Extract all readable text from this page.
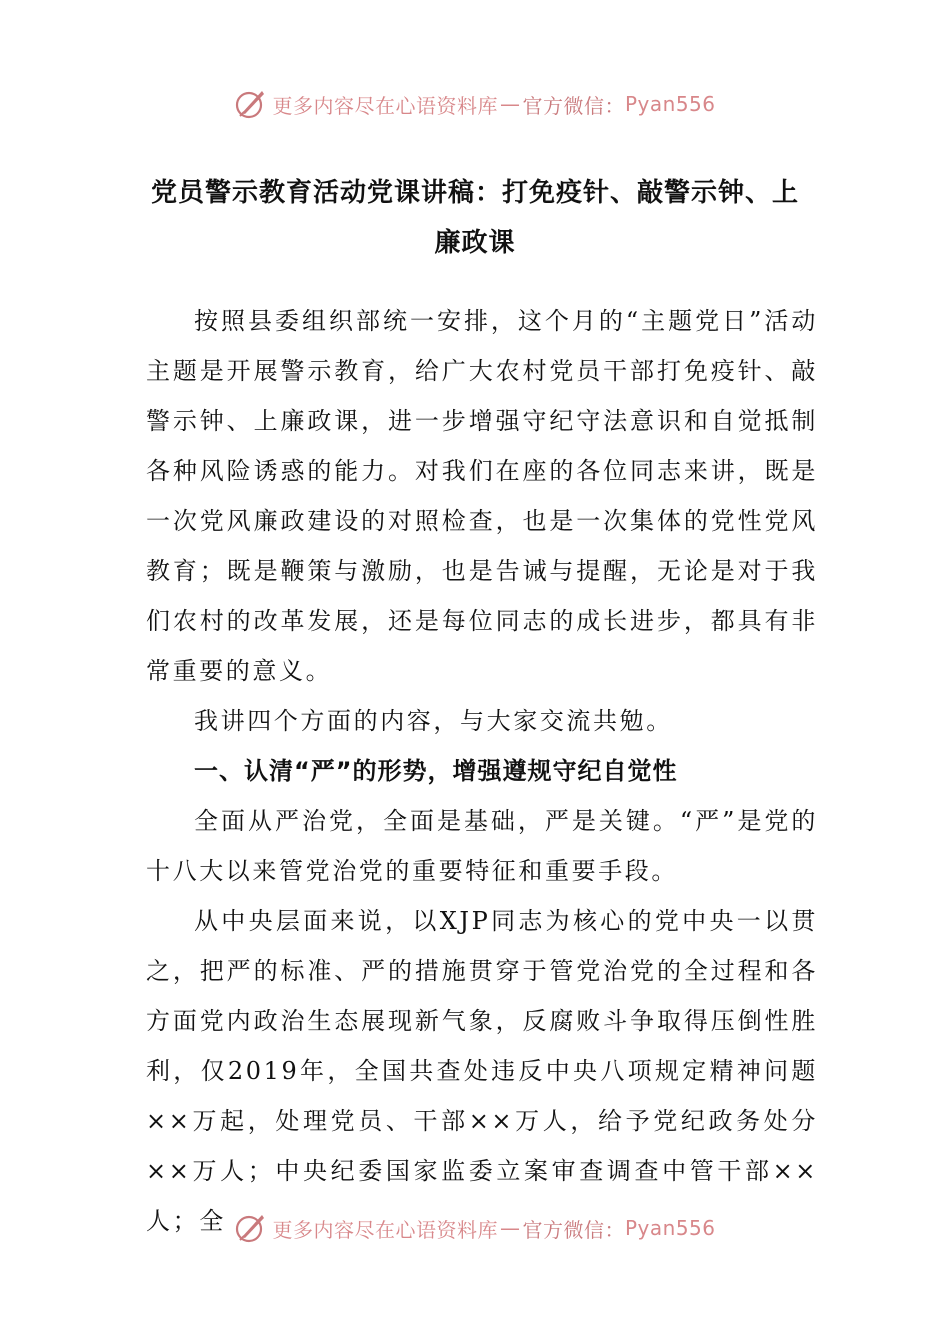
更多内容尽在心语资料库 — 官方微信： Pyan556
党员警示教育活动党课讲稿：打免疫针、敲警示钟、上廉政课

按照县委组织部统一安排，这个月的“主题党日”活动主题是开展警示教育，给广大农村党员干部打免疫针、敲警示钟、上廉政课，进一步增强守纪守法意识和自觉抵制各种风险诱惑的能力。对我们在座的各位同志来讲，既是一次党风廉政建设的对照检查，也是一次集体的党性党风教育；既是鞭策与激励，也是告诫与提醒，无论是对于我们农村的改革发展，还是每位同志的成长进步，都具有非常重要的意义。

我讲四个方面的内容，与大家交流共勉。

一、认清“严”的形势，增强遵规守纪自觉性

全面从严治党，全面是基础，严是关键。“严”是党的十八大以来管党治党的重要特征和重要手段。

从中央层面来说，以XJP同志为核心的党中央一以贯之，把严的标准、严的措施贯穿于管党治党的全过程和各方面党内政治生态展现新气象，反腐败斗争取得压倒性胜利，仅2019年，全国共查处违反中央八项规定精神问题××万起，处理党员、干部××万人，给予党纪政务处分××万人；中央纪委国家监委立案审查调查中管干部××人；全	更多内容尽在心语资料库 — 官方微信： Pyan556
